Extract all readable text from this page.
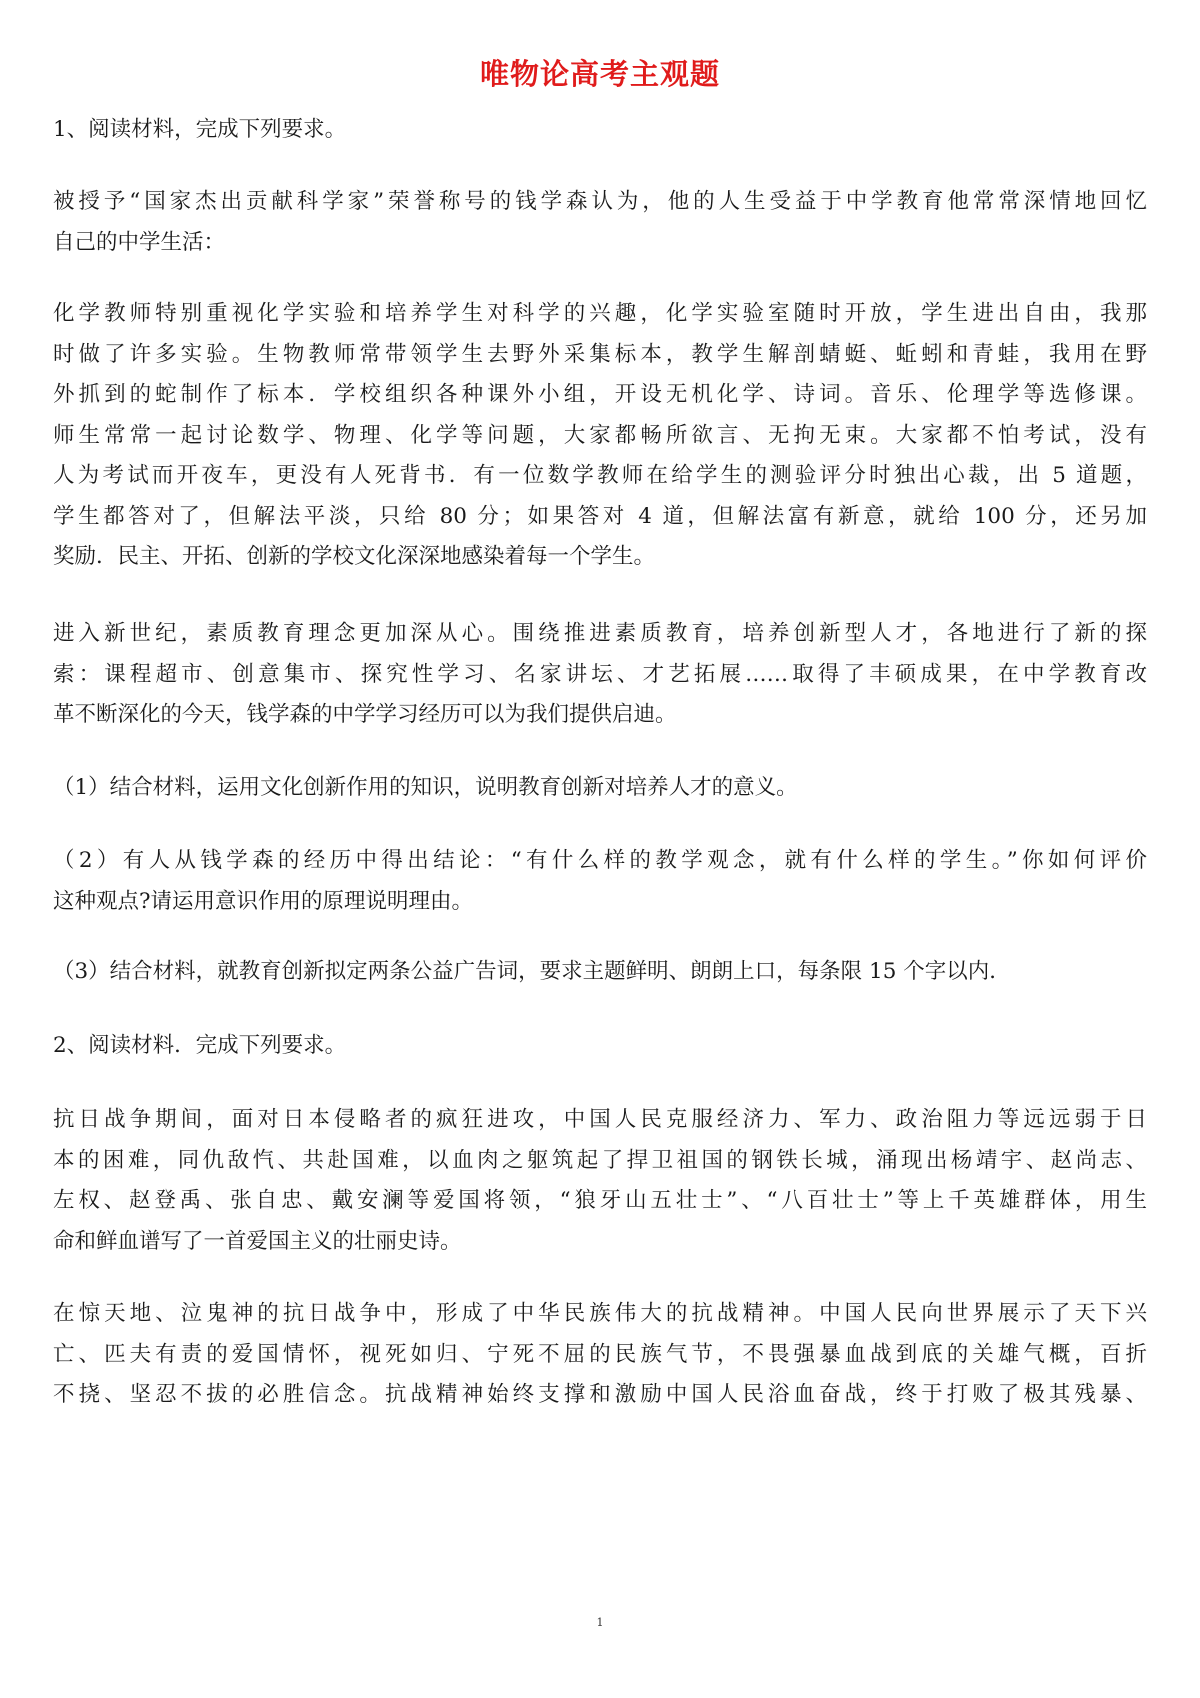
唯物论高考主观题
1、阅读材料，完成下列要求。
被授予“国家杰出贡献科学家”荣誉称号的钱学森认为，他的人生受益于中学教育他常常深情地回忆
自己的中学生活：
化学教师特别重视化学实验和培养学生对科学的兴趣，化学实验室随时开放，学生进出自由，我那
时做了许多实验。生物教师常带领学生去野外采集标本，教学生解剖蜻蜓、蚯蚓和青蛙，我用在野
外抓到的蛇制作了标本．学校组织各种课外小组，开设无机化学、诗词。音乐、伦理学等选修课。
师生常常一起讨论数学、物理、化学等问题，大家都畅所欲言、无拘无束。大家都不怕考试，没有
人为考试而开夜车，更没有人死背书．有一位数学教师在给学生的测验评分时独出心裁，出 5 道题，
学生都答对了，但解法平淡，只给 80 分；如果答对 4 道，但解法富有新意，就给 100 分，还另加
奖励．民主、开拓、创新的学校文化深深地感染着每一个学生。
进入新世纪，素质教育理念更加深从心。围绕推进素质教育，培养创新型人才，各地进行了新的探
索：课程超市、创意集市、探究性学习、名家讲坛、才艺拓展……取得了丰硕成果，在中学教育改
革不断深化的今天，钱学森的中学学习经历可以为我们提供启迪。
（1）结合材料，运用文化创新作用的知识，说明教育创新对培养人才的意义。
（2）有人从钱学森的经历中得出结论：“有什么样的教学观念，就有什么样的学生。”你如何评价
这种观点?请运用意识作用的原理说明理由。
（3）结合材料，就教育创新拟定两条公益广告词，要求主题鲜明、朗朗上口，每条限 15 个字以内．
2、阅读材料．完成下列要求。
抗日战争期间，面对日本侵略者的疯狂进攻，中国人民克服经济力、军力、政治阻力等远远弱于日
本的困难，同仇敌忾、共赴国难，以血肉之躯筑起了捍卫祖国的钢铁长城，涌现出杨靖宇、赵尚志、
左权、赵登禹、张自忠、戴安澜等爱国将领，“狼牙山五壮士”、“八百壮士”等上千英雄群体，用生
命和鲜血谱写了一首爱国主义的壮丽史诗。
在惊天地、泣鬼神的抗日战争中，形成了中华民族伟大的抗战精神。中国人民向世界展示了天下兴
亡、匹夫有责的爱国情怀，视死如归、宁死不屈的民族气节，不畏强暴血战到底的关雄气概，百折
不挠、坚忍不拔的必胜信念。抗战精神始终支撑和激励中国人民浴血奋战，终于打败了极其残暴、
1
